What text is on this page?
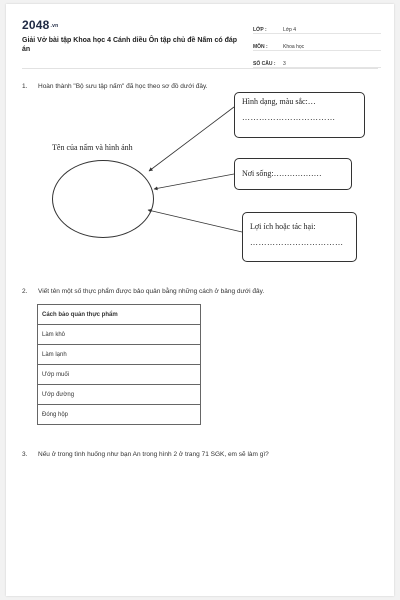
2048.vn
Giải Vở bài tập Khoa học 4 Cánh diều Ôn tập chủ đề Nấm có đáp án
LỚP :	Lớp 4
MÔN :	Khoa học
SỐ CÂU :	3
1.	Hoàn thành "Bộ sưu tập nấm" đã học theo sơ đồ dưới đây.
Tên của nấm và hình ảnh
Hình dạng, màu sắc:…
……………………………
Nơi sống:………………
Lợi ích hoặc tác hại:
……………………………
2.	Viết tên một số thực phẩm được bảo quản bằng những cách ở bảng dưới đây.
Cách bảo quản thực phẩm
Làm khô
Làm lạnh
Ướp muối
Ướp đường
Đóng hộp
3.	Nếu ở trong tình huống như bạn An trong hình 2 ở trang 71 SGK, em sẽ làm gì?
